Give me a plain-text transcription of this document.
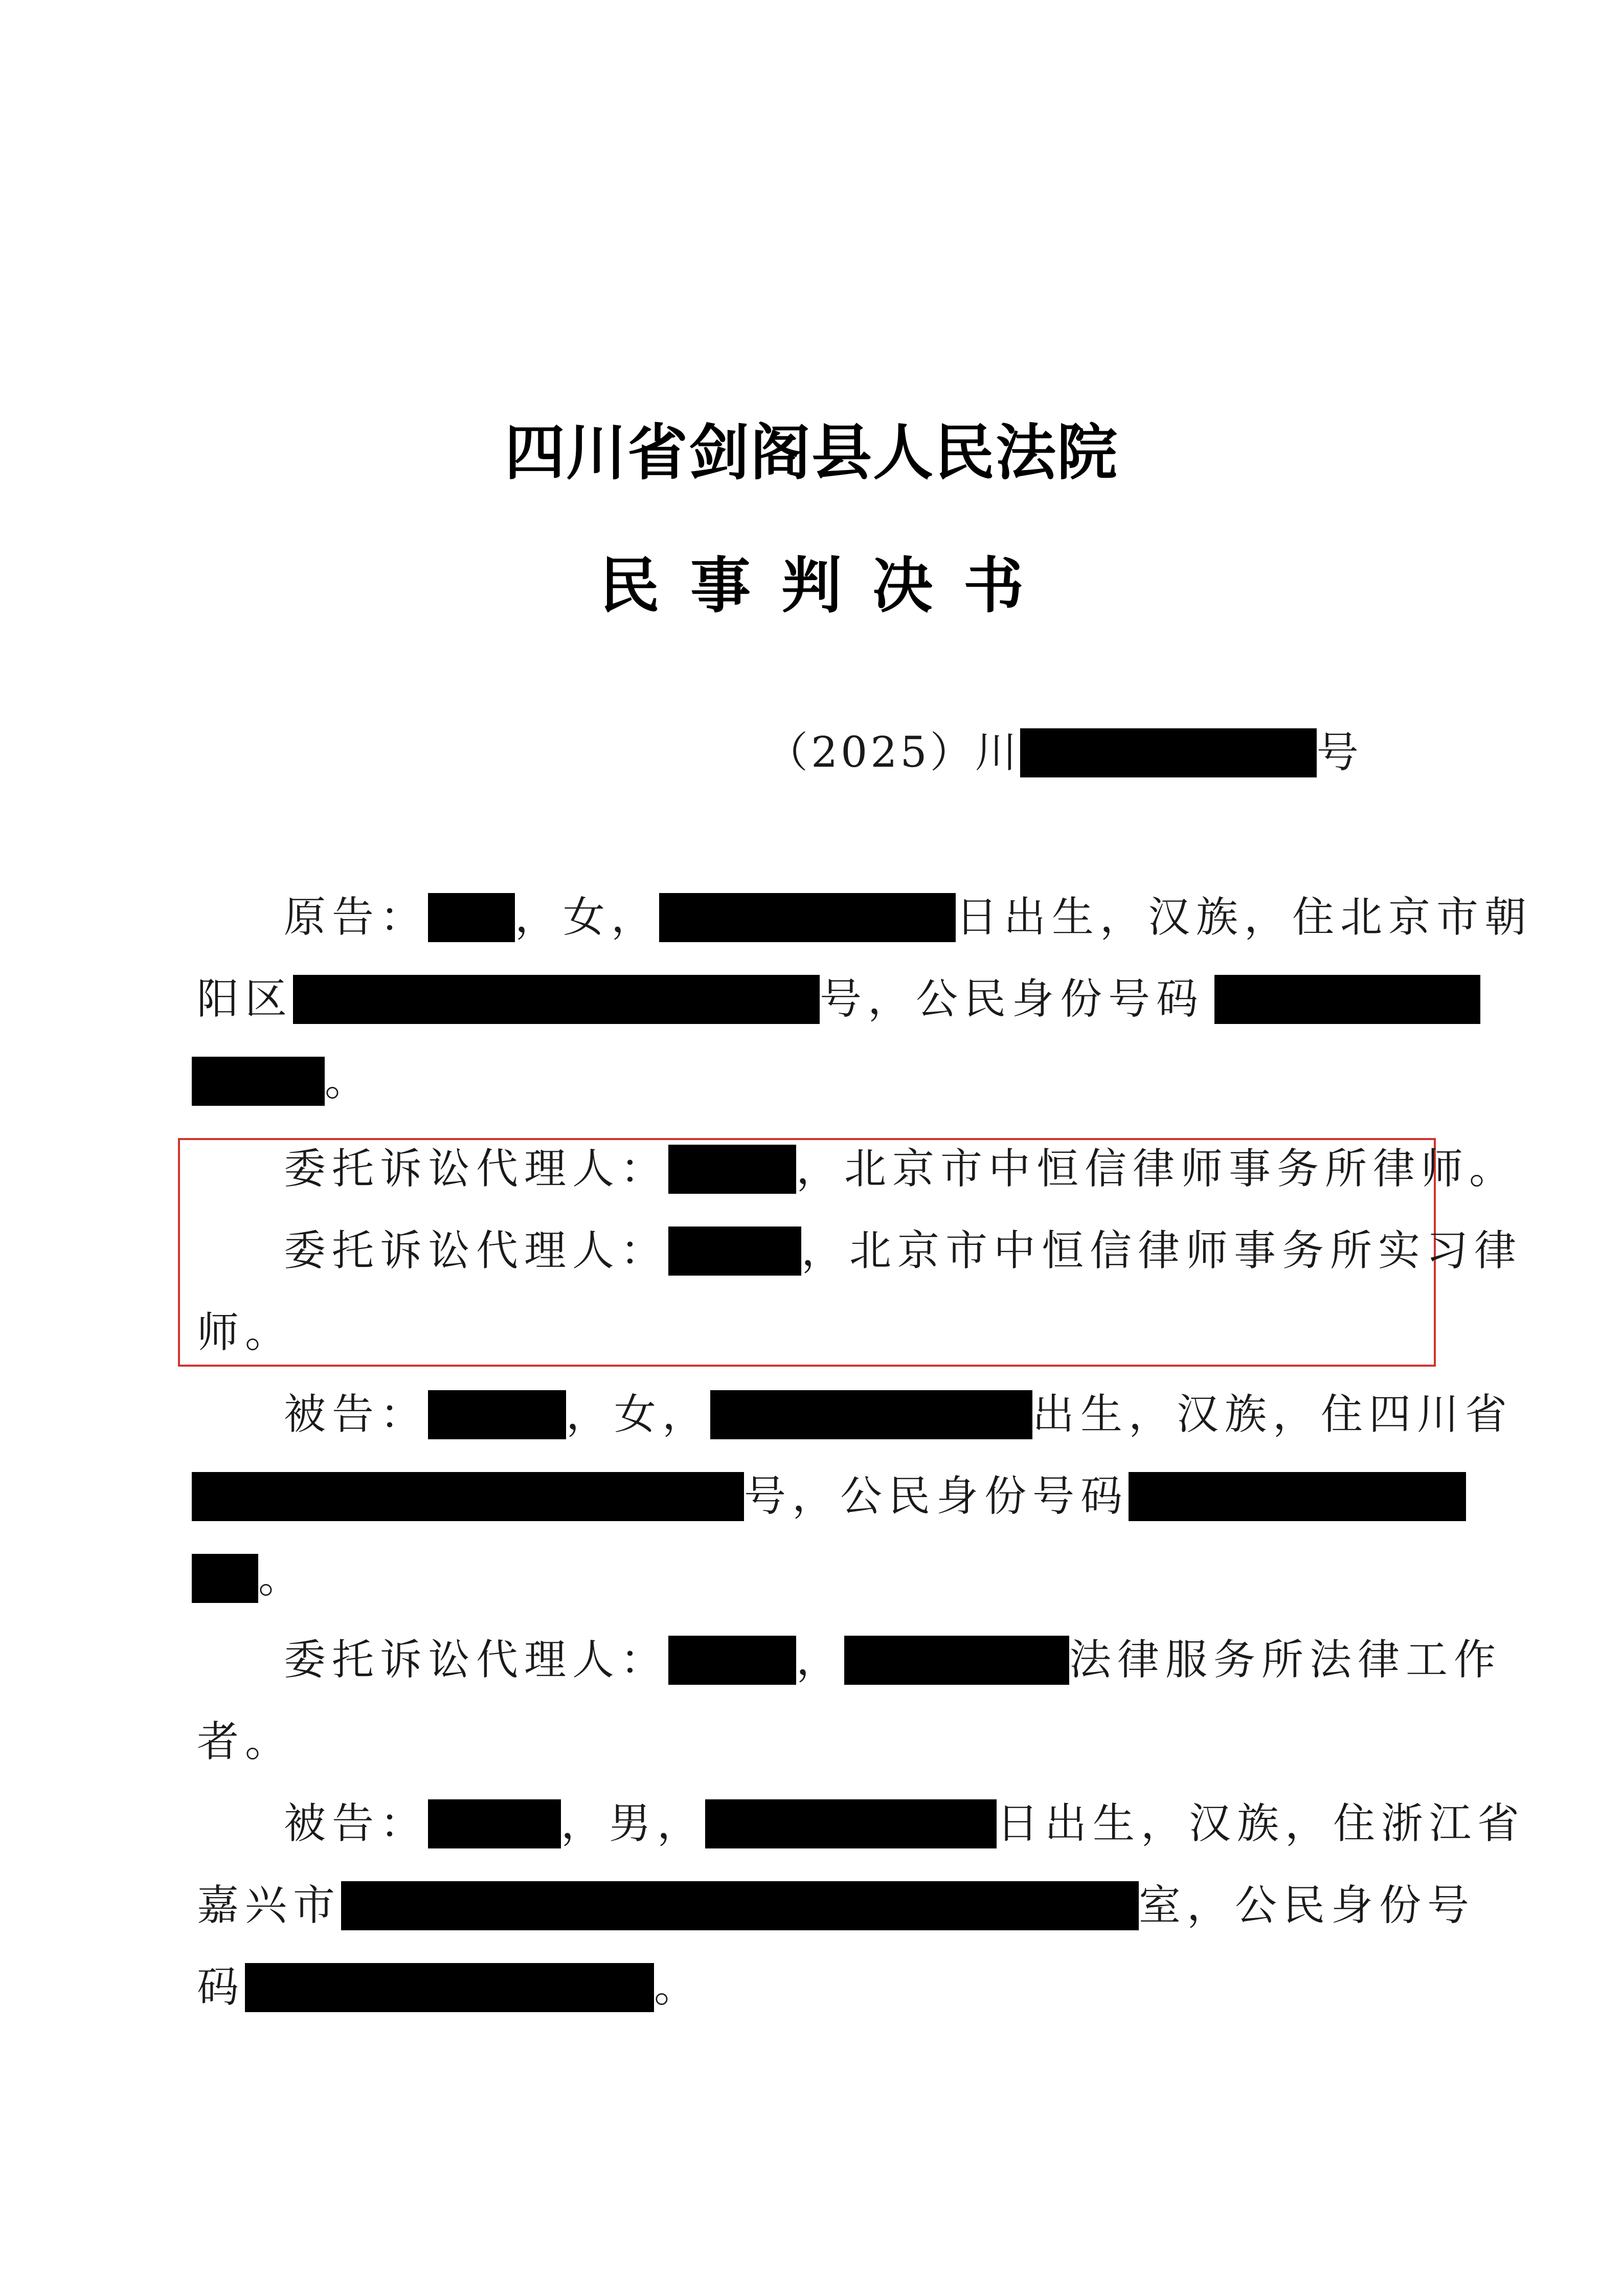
四川省剑阁县人民法院
民事判决书
（2025）川	号
原告： ，女，	日出生，汉族，住北京市朝
阳区	号，公民身份号码
。
委托诉讼代理人：	，北京市中恒信律师事务所律师。
委托诉讼代理人：	，北京市中恒信律师事务所实习律
师。
被告：	，女，	出生，汉族，住四川省
号，公民身份号码
。
委托诉讼代理人：	，	法律服务所法律工作
者。
被告：	，男，	日出生，汉族，住浙江省
嘉兴市	室，公民身份号
码	。
